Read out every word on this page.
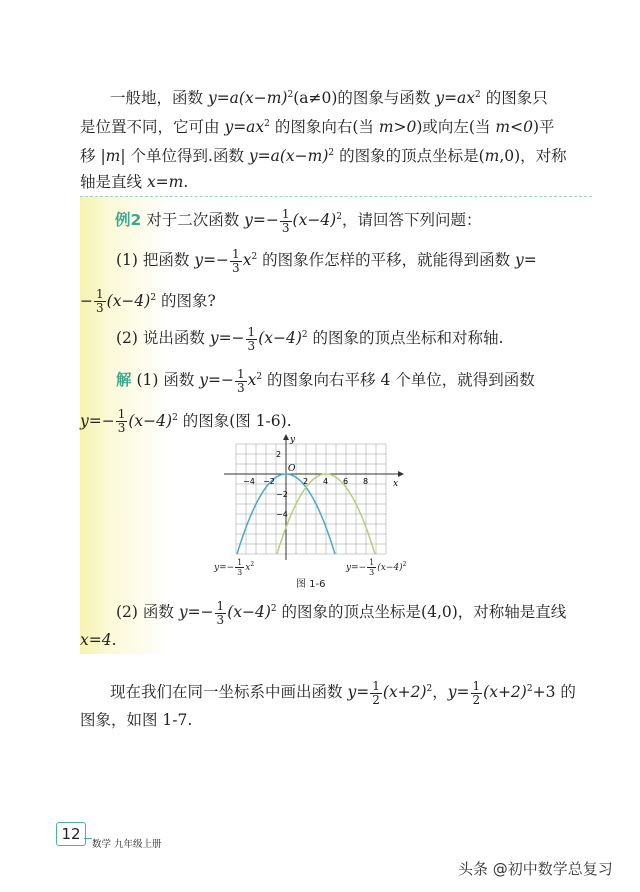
一般地，函数 $y=a(x-m)^2(a\ne 0)$的图象与函数 $y=ax^2$ 的图象只
是位置不同，它可由 $y=ax^2$ 的图象向右(当 m>0)或向左(当 m<0)平
移 |m| 个单位得到.函数 $y=a(x-m)^2$ 的图象的顶点坐标是(m,0)，对称
轴是直线 x=m.
例2 对于二次函数 $y=- \frac{1}{3} (x-4)^2$，请回答下列问题：
(1) 把函数 $y=- \frac{1}{3} x^2$ 的图象作怎样的平移，就能得到函数 y=
− $\frac{1}{3} (x-4)^2$ 的图象?
(2) 说出函数 $y=- \frac{1}{3} (x-4)^2$ 的图象的顶点坐标和对称轴.
解 (1) 函数 $y=- \frac{1}{3} x^2$ 的图象向右平移 4 个单位，就得到函数
$y=- \frac{1}{3} (x-4)^2$ 的图象(图 1-6).
x
y
O
−4 −2	2 4 6 8
2
−2
−4
$y=- \frac{1}{3} x^2$	$y=- \frac{1}{3} (x-4)^2$
图 1-6
(2) 函数 $y=- \frac{1}{3} (x-4)^2$ 的图象的顶点坐标是(4,0)，对称轴是直线
x=4.
现在我们在同一坐标系中画出函数 $y= \frac{1}{2} (x+2)^2$，$y= \frac{1}{2} (x+2)^2+3$ 的
图象，如图 1-7.
12
数学 九年级上册
头条 @初中数学总复习
